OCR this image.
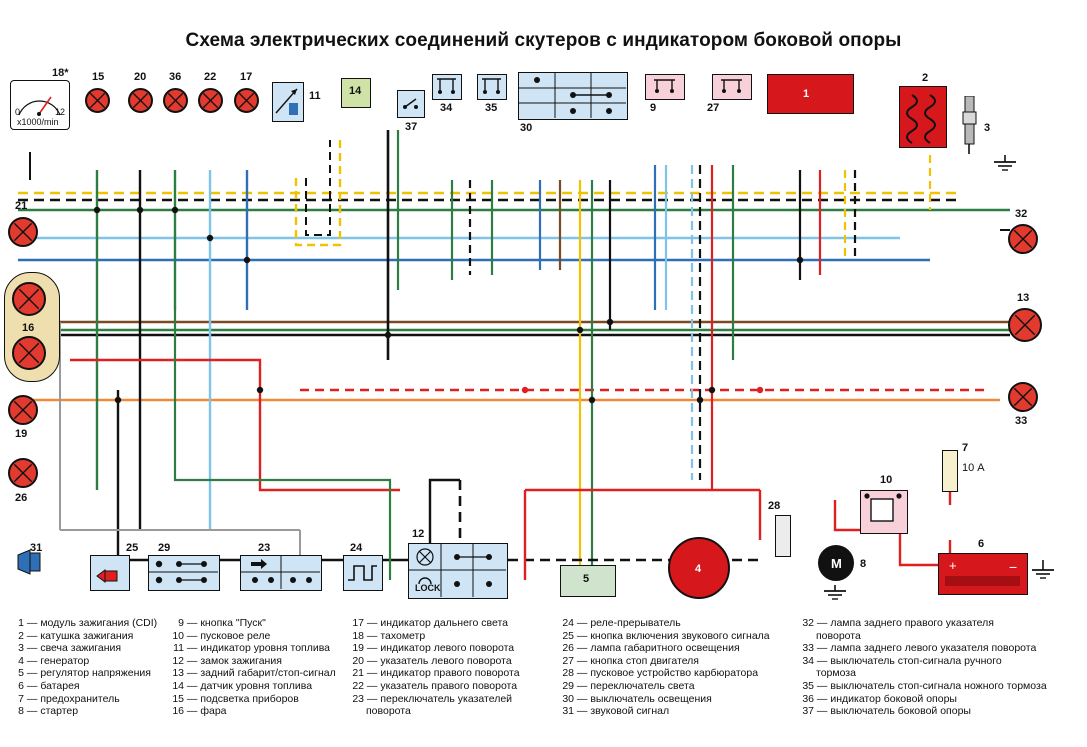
Схема электрических соединений скутеров с индикатором боковой опоры
0	12
x1000/min
18* 15	20 36 22 17
11	14
37
34	35
30
9	27
1
2
3
21
16
19
26
32
13
33
31	25 29	23	24
LOCK
12
5
4
28
10
M 8
7
10 А
+	−
6
1 — модуль зажигания (CDI)
2 — катушка зажигания
3 — свеча зажигания
4 — генератор
5 — регулятор напряжения
6 — батарея
7 — предохранитель
8 — стартер
9 — кнопка "Пуск"
10 — пусковое реле
11 — индикатор уровня топлива
12 — замок зажигания
13 — задний габарит/стоп-сигнал
14 — датчик уровня топлива
15 — подсветка приборов
16 — фара
17 — индикатор дальнего света
18 — тахометр
19 — индикатор левого поворота
20 — указатель левого поворота
21 — индикатор правого поворота
22 — указатель правого поворота
23 — переключатель указателей
поворота
24 — реле-прерыватель
25 — кнопка включения звукового сигнала
26 — лампа габаритного освещения
27 — кнопка стоп двигателя
28 — пусковое устройство карбюратора
29 — переключатель света
30 — выключатель освещения
31 — звуковой сигнал
32 — лампа заднего правого указателя
поворота
33 — лампа заднего левого указателя поворота
34 — выключатель стоп-сигнала ручного
тормоза
35 — выключатель стоп-сигнала ножного тормоза
36 — индикатор боковой опоры
37 — выключатель боковой опоры
